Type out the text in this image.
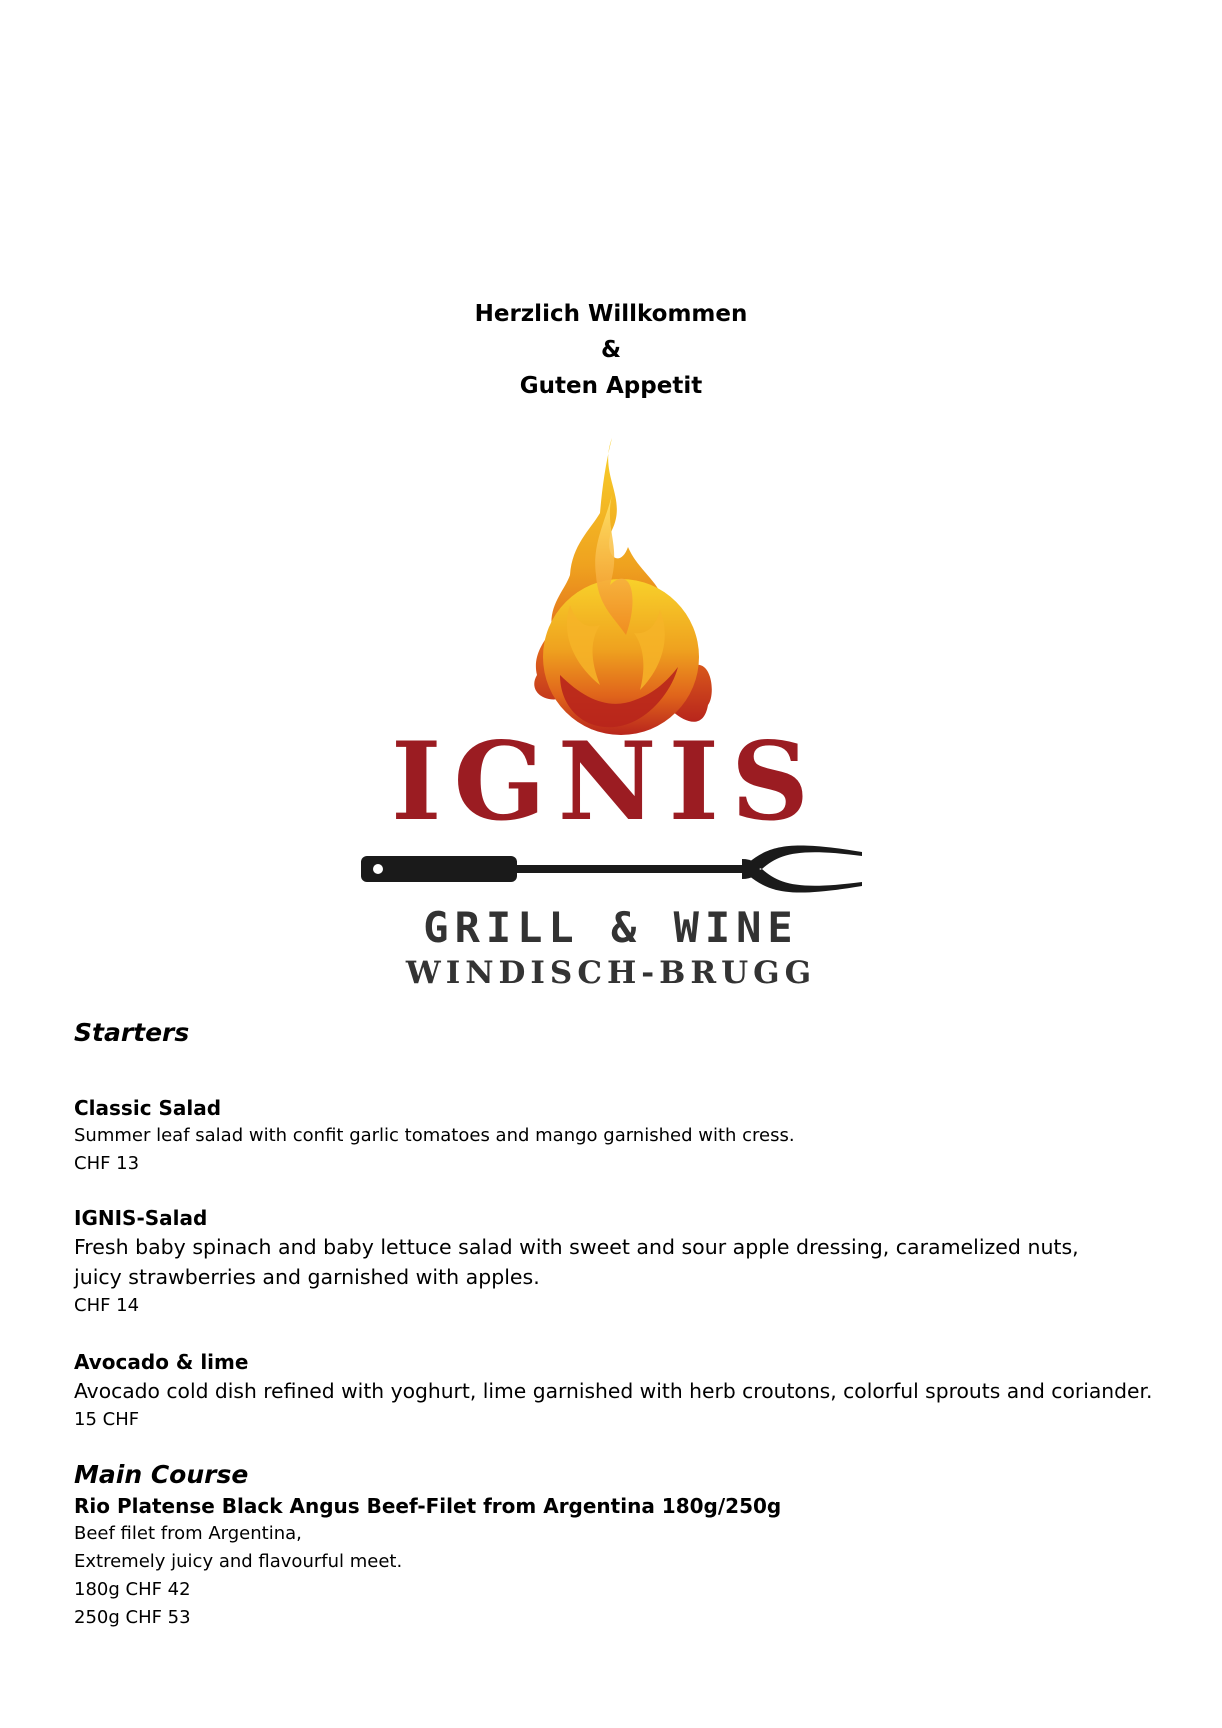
Herzlich Willkommen
&
Guten Appetit
IGNIS
GRILL & WINE
WINDISCH-BRUGG
Starters

Classic Salad

Summer leaf salad with confit garlic tomatoes and mango garnished with cress.

CHF 13

IGNIS-Salad

Fresh baby spinach and baby lettuce salad with sweet and sour apple dressing, caramelized nuts, juicy strawberries and garnished with apples.

CHF 14

Avocado & lime

Avocado cold dish refined with yoghurt, lime garnished with herb croutons, colorful sprouts and coriander.

15 CHF

Main Course

Rio Platense Black Angus Beef-Filet from Argentina 180g/250g

Beef filet from Argentina,

Extremely juicy and flavourful meet.

180g CHF 42

250g CHF 53
